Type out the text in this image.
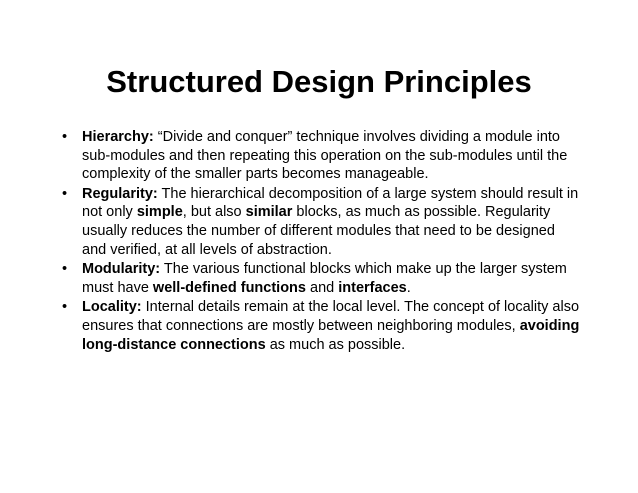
Structured Design Principles
•	Hierarchy: “Divide and conquer” technique involves dividing a module into sub-modules and then repeating this operation on the sub-modules until the complexity of the smaller parts becomes manageable.
•	Regularity: The hierarchical decomposition of a large system should result in not only simple, but also similar blocks, as much as possible. Regularity usually reduces the number of different modules that need to be designed and verified, at all levels of abstraction.
•	Modularity: The various functional blocks which make up the larger system must have well-defined functions and interfaces.
•	Locality: Internal details remain at the local level. The concept of locality also ensures that connections are mostly between neighboring modules, avoiding long-distance connections as much as possible.
